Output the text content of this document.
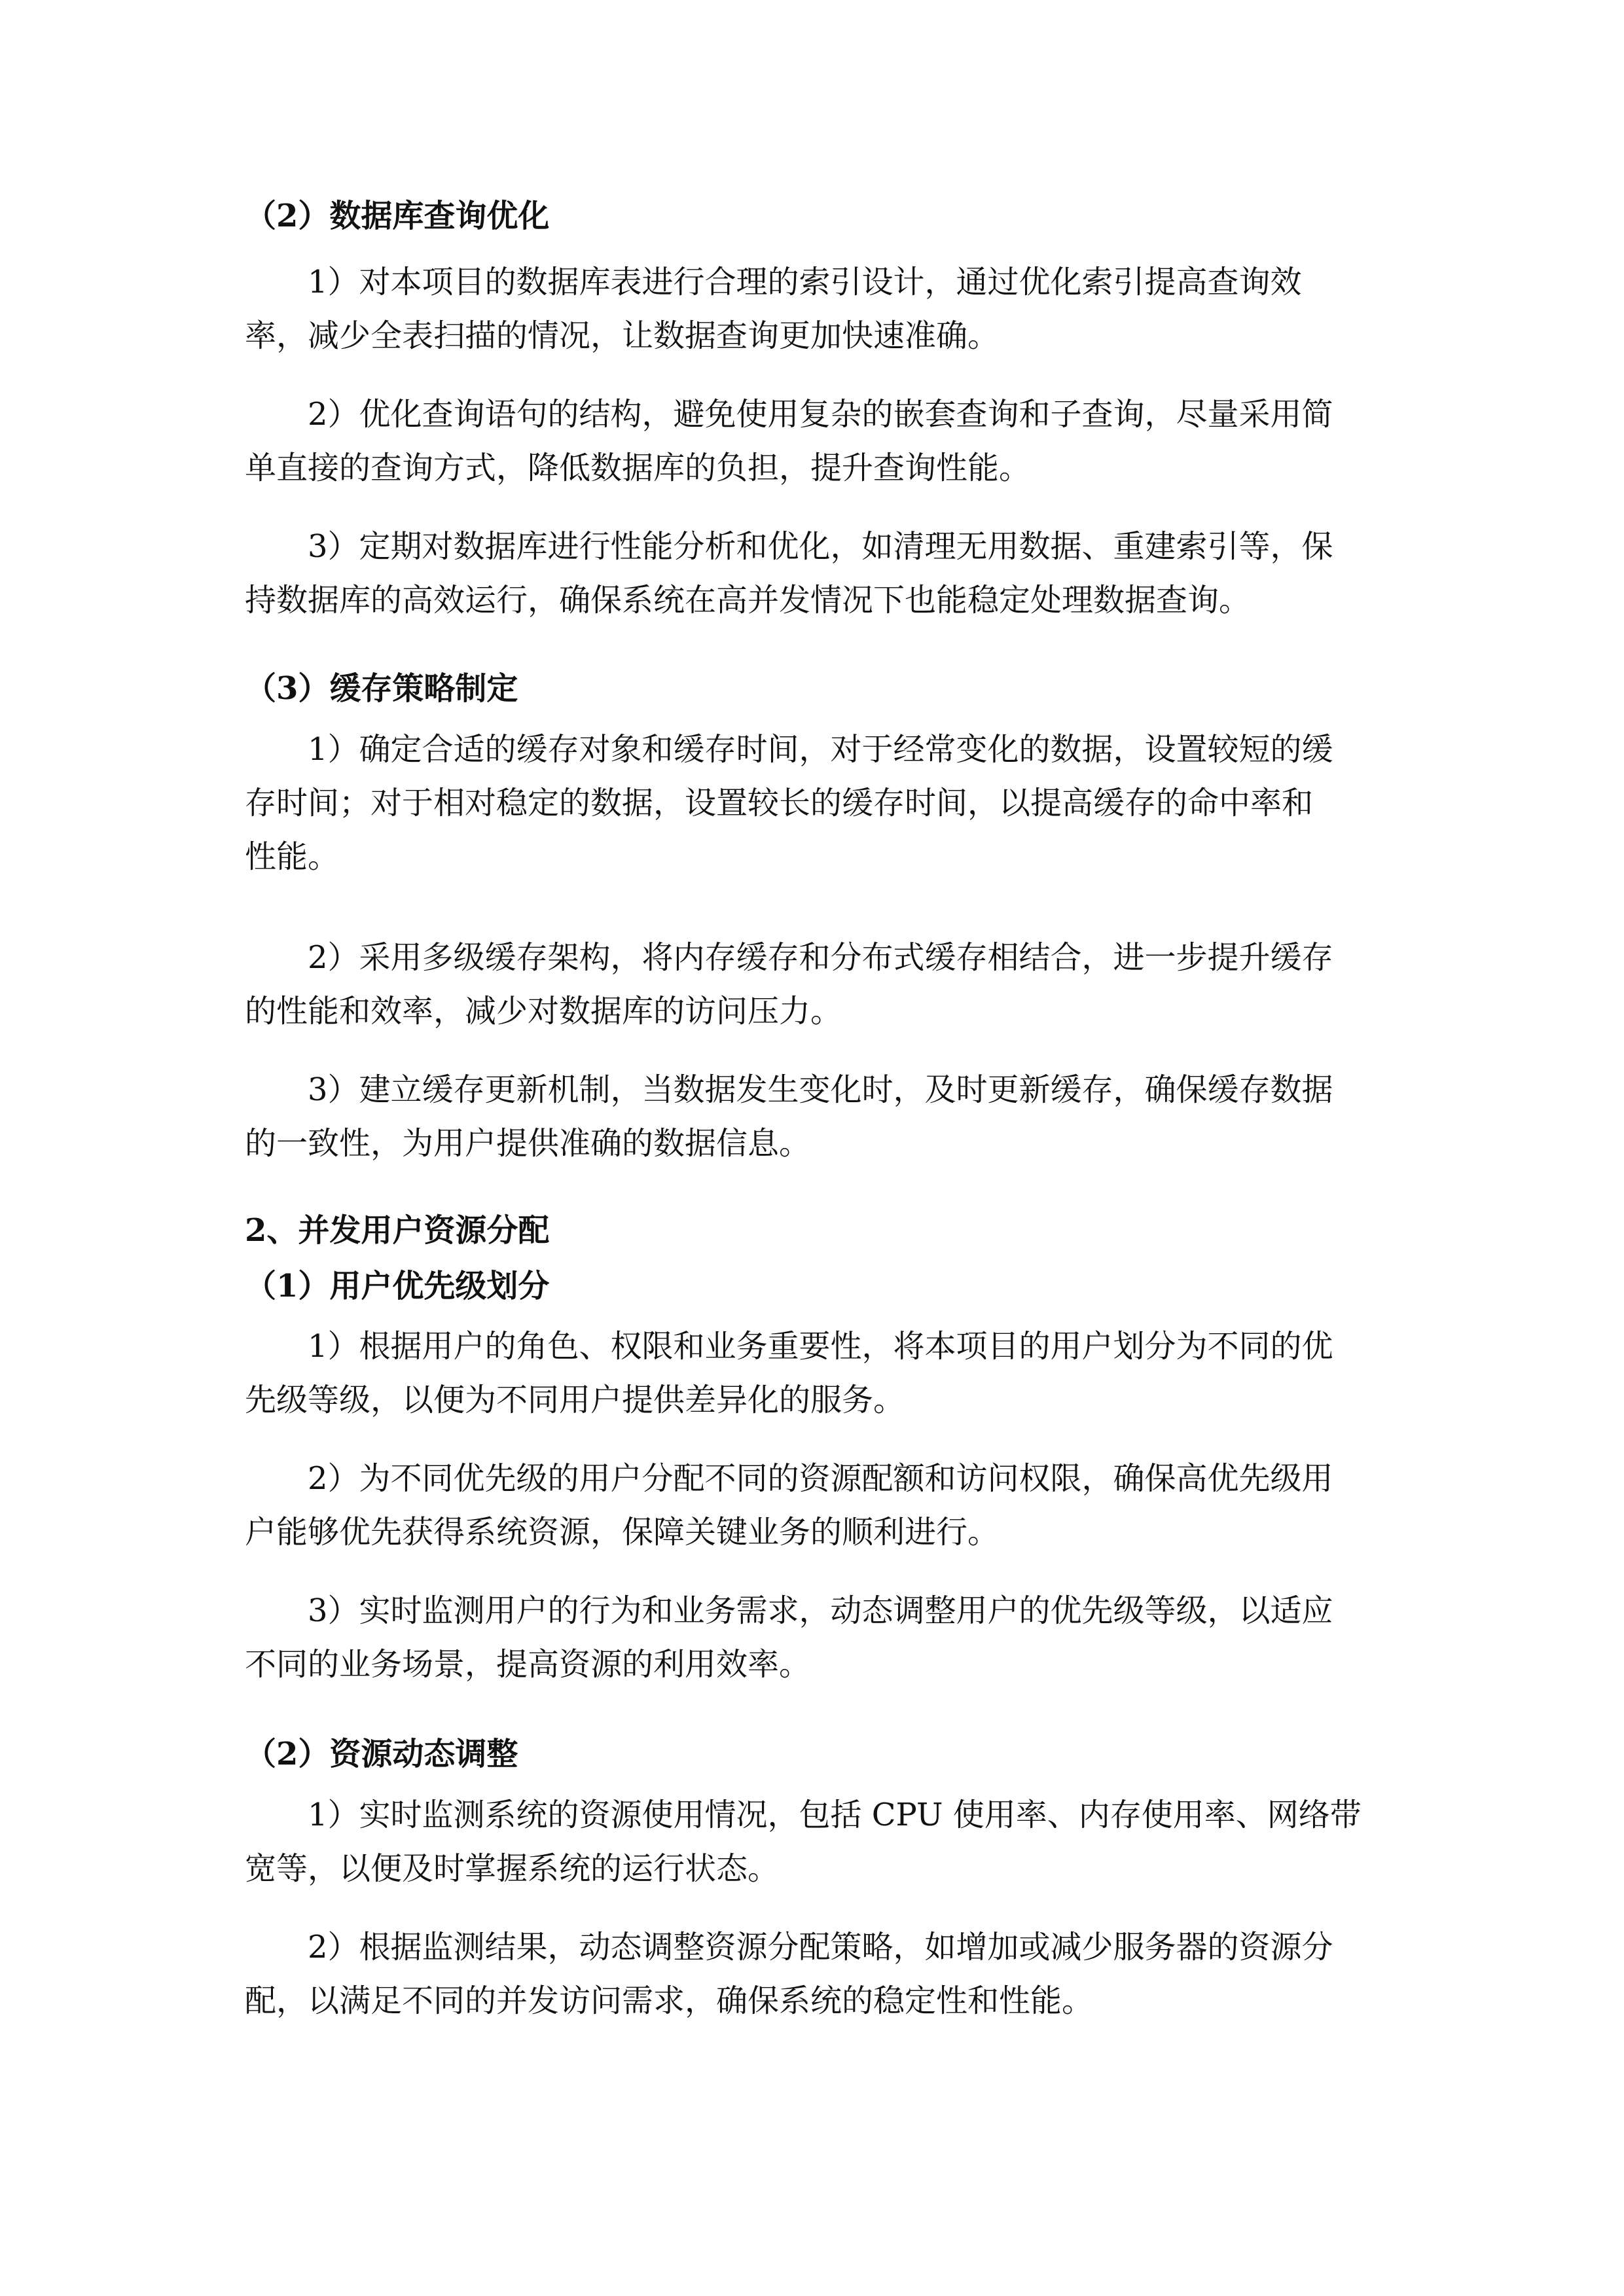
（2）数据库查询优化
1）对本项目的数据库表进行合理的索引设计，通过优化索引提高查询效
率，减少全表扫描的情况，让数据查询更加快速准确。
2）优化查询语句的结构，避免使用复杂的嵌套查询和子查询，尽量采用简
单直接的查询方式，降低数据库的负担，提升查询性能。
3）定期对数据库进行性能分析和优化，如清理无用数据、重建索引等，保
持数据库的高效运行，确保系统在高并发情况下也能稳定处理数据查询。
（3）缓存策略制定
1）确定合适的缓存对象和缓存时间，对于经常变化的数据，设置较短的缓
存时间；对于相对稳定的数据，设置较长的缓存时间，以提高缓存的命中率和
性能。
2）采用多级缓存架构，将内存缓存和分布式缓存相结合，进一步提升缓存
的性能和效率，减少对数据库的访问压力。
3）建立缓存更新机制，当数据发生变化时，及时更新缓存，确保缓存数据
的一致性，为用户提供准确的数据信息。
2、并发用户资源分配
（1）用户优先级划分
1）根据用户的角色、权限和业务重要性，将本项目的用户划分为不同的优
先级等级，以便为不同用户提供差异化的服务。
2）为不同优先级的用户分配不同的资源配额和访问权限，确保高优先级用
户能够优先获得系统资源，保障关键业务的顺利进行。
3）实时监测用户的行为和业务需求，动态调整用户的优先级等级，以适应
不同的业务场景，提高资源的利用效率。
（2）资源动态调整
1）实时监测系统的资源使用情况，包括 CPU 使用率、内存使用率、网络带
宽等，以便及时掌握系统的运行状态。
2）根据监测结果，动态调整资源分配策略，如增加或减少服务器的资源分
配，以满足不同的并发访问需求，确保系统的稳定性和性能。
